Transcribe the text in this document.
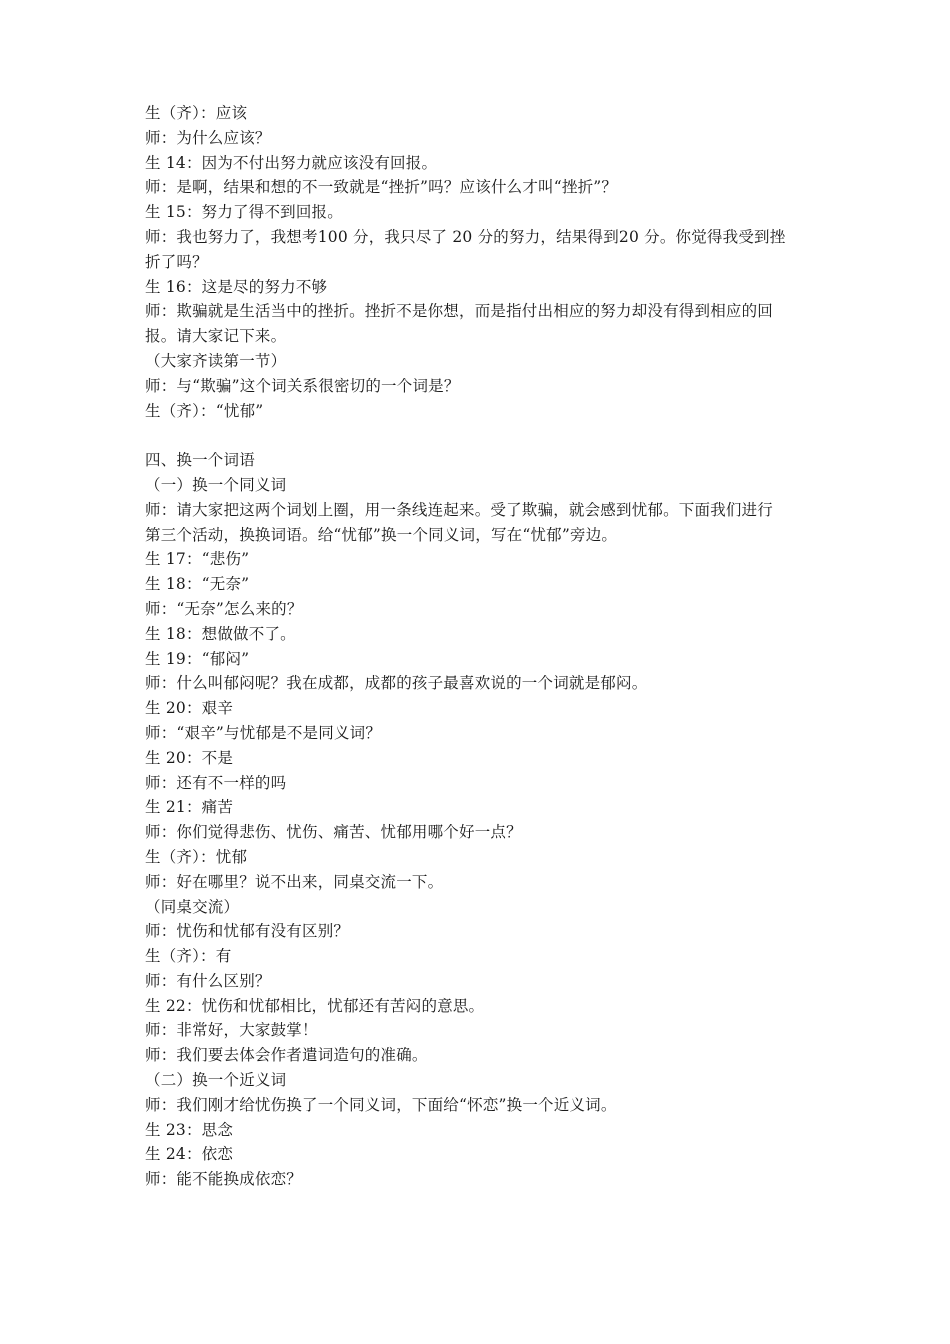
生（齐）：应该
师：为什么应该？
生 14：因为不付出努力就应该没有回报。
师：是啊，结果和想的不一致就是“挫折”吗？应该什么才叫“挫折”？
生 15：努力了得不到回报。
师：我也努力了，我想考100 分，我只尽了 20 分的努力，结果得到20 分。你觉得我受到挫
折了吗？
生 16：这是尽的努力不够
师：欺骗就是生活当中的挫折。挫折不是你想，而是指付出相应的努力却没有得到相应的回
报。请大家记下来。
（大家齐读第一节）
师：与“欺骗”这个词关系很密切的一个词是？
生（齐）：“忧郁”
四、换一个词语
（一）换一个同义词
师：请大家把这两个词划上圈，用一条线连起来。受了欺骗，就会感到忧郁。下面我们进行
第三个活动，换换词语。给“忧郁”换一个同义词，写在“忧郁”旁边。
生 17：“悲伤”
生 18：“无奈”
师：“无奈”怎么来的？
生 18：想做做不了。
生 19：“郁闷”
师：什么叫郁闷呢？我在成都，成都的孩子最喜欢说的一个词就是郁闷。
生 20：艰辛
师：“艰辛”与忧郁是不是同义词？
生 20：不是
师：还有不一样的吗
生 21：痛苦
师：你们觉得悲伤、忧伤、痛苦、忧郁用哪个好一点？
生（齐）：忧郁
师：好在哪里？说不出来，同桌交流一下。
（同桌交流）
师：忧伤和忧郁有没有区别？
生（齐）：有
师：有什么区别？
生 22：忧伤和忧郁相比，忧郁还有苦闷的意思。
师：非常好，大家鼓掌！
师：我们要去体会作者遣词造句的准确。
（二）换一个近义词
师：我们刚才给忧伤换了一个同义词，下面给“怀恋”换一个近义词。
生 23：思念
生 24：依恋
师：能不能换成依恋？
